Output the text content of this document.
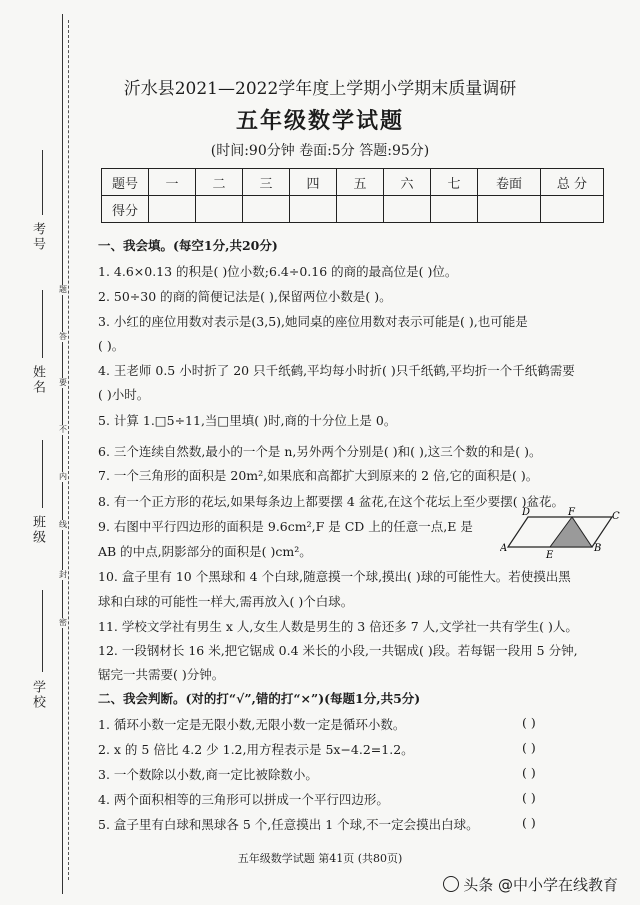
考号
姓名
班级
学校
题
答
要
不
内
线
封
密
沂水县2021—2022学年度上学期小学期末质量调研
五年级数学试题
(时间:90分钟 卷面:5分 答题:95分)
题号	一	二	三	四	五	六	七	卷面	总 分
得分									
一、我会填。(每空1分,共20分)
1. 4.6×0.13 的积是( )位小数;6.4÷0.16 的商的最高位是( )位。
2. 50÷30 的商的简便记法是( ),保留两位小数是( )。
3. 小红的座位用数对表示是(3,5),她同桌的座位用数对表示可能是( ),也可能是
( )。
4. 王老师 0.5 小时折了 20 只千纸鹤,平均每小时折( )只千纸鹤,平均折一个千纸鹤需要
( )小时。
5. 计算 1.□5÷11,当□里填( )时,商的十分位上是 0。
6. 三个连续自然数,最小的一个是 n,另外两个分别是( )和( ),这三个数的和是( )。
7. 一个三角形的面积是 20m²,如果底和高都扩大到原来的 2 倍,它的面积是( )。
8. 有一个正方形的花坛,如果每条边上都要摆 4 盆花,在这个花坛上至少要摆( )盆花。
9. 右图中平行四边形的面积是 9.6cm²,F 是 CD 上的任意一点,E 是
AB 的中点,阴影部分的面积是( )cm²。
10. 盒子里有 10 个黑球和 4 个白球,随意摸一个球,摸出( )球的可能性大。若使摸出黑
球和白球的可能性一样大,需再放入( )个白球。
11. 学校文学社有男生 x 人,女生人数是男生的 3 倍还多 7 人,文学社一共有学生( )人。
12. 一段钢材长 16 米,把它锯成 0.4 米长的小段,一共锯成( )段。若每锯一段用 5 分钟,
锯完一共需要( )分钟。
D	F	C
A
E
B
二、我会判断。(对的打“√”,错的打“×”)(每题1分,共5分)
1. 循环小数一定是无限小数,无限小数一定是循环小数。	( )
2. x 的 5 倍比 4.2 少 1.2,用方程表示是 5x−4.2=1.2。	( )
3. 一个数除以小数,商一定比被除数小。	( )
4. 两个面积相等的三角形可以拼成一个平行四边形。	( )
5. 盒子里有白球和黑球各 5 个,任意摸出 1 个球,不一定会摸出白球。	( )
五年级数学试题 第41页 (共80页)
头条 @中小学在线教育
